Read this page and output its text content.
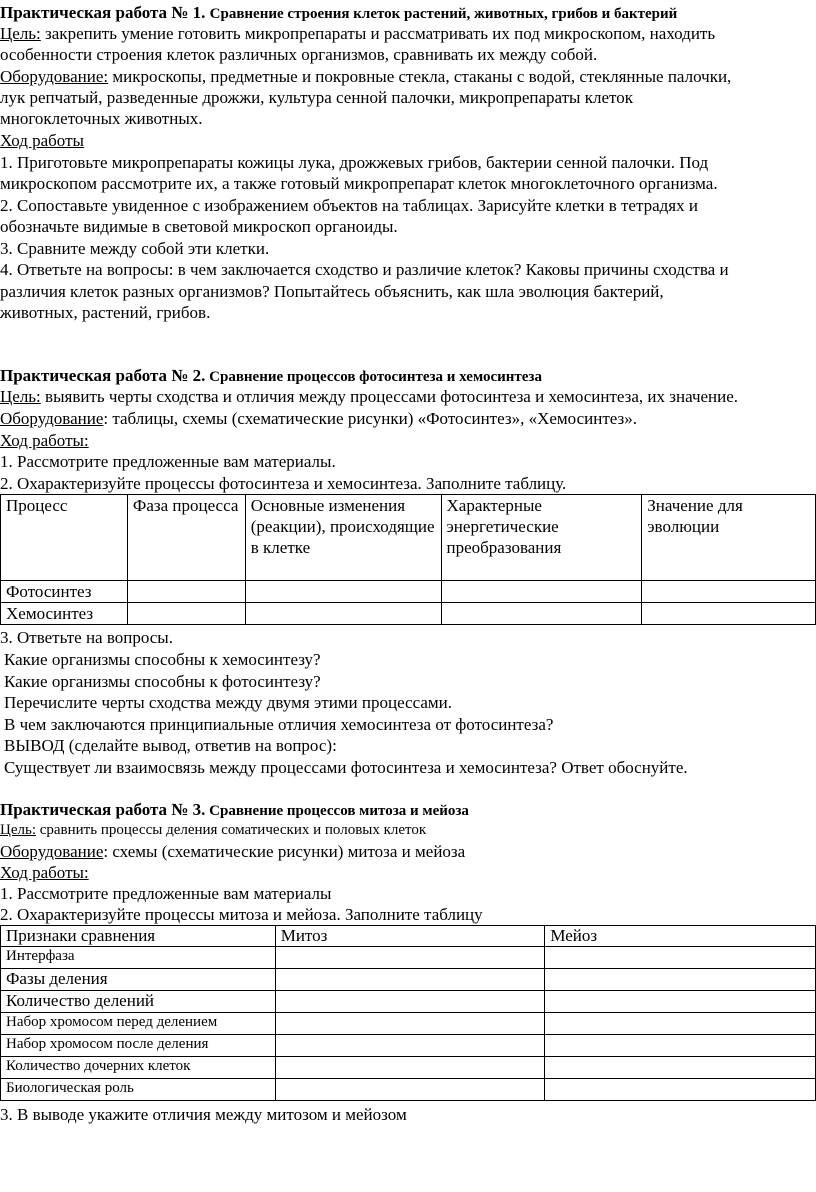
Практическая работа № 1. Сравнение строения клеток растений, животных, грибов и бактерий
Цель: закрепить умение готовить микропрепараты и рассматривать их под микроскопом, находить
особенности строения клеток различных организмов, сравнивать их между собой.
Оборудование: микроскопы, предметные и покровные стекла, стаканы с водой, стеклянные палочки,
лук репчатый, разведенные дрожжи, культура сенной палочки, микропрепараты клеток
многоклеточных животных.
Ход работы
1. Приготовьте микропрепараты кожицы лука, дрожжевых грибов, бактерии сенной палочки. Под
микроскопом рассмотрите их, а также готовый микропрепарат клеток многоклеточного организма.
2. Сопоставьте увиденное с изображением объектов на таблицах. Зарисуйте клетки в тетрадях и
обозначьте видимые в световой микроскоп органоиды.
3. Сравните между собой эти клетки.
4. Ответьте на вопросы: в чем заключается сходство и различие клеток? Каковы причины сходства и
различия клеток разных организмов? Попытайтесь объяснить, как шла эволюция бактерий,
животных, растений, грибов.
Практическая работа № 2. Сравнение процессов фотосинтеза и хемосинтеза
Цель: выявить черты сходства и отличия между процессами фотосинтеза и хемосинтеза, их значение.
Оборудование: таблицы, схемы (схематические рисунки) «Фотосинтез», «Хемосинтез».
Ход работы:
1. Рассмотрите предложенные вам материалы.
2. Охарактеризуйте процессы фотосинтеза и хемосинтеза. Заполните таблицу.
Процесс	Фаза процесса	Основные изменения (реакции), происходящие в клетке	Характерные энергетические преобразования	Значение для эволюции
Фотосинтез				
Хемосинтез				
3. Ответьте на вопросы.
Какие организмы способны к хемосинтезу?
Какие организмы способны к фотосинтезу?
Перечислите черты сходства между двумя этими процессами.
В чем заключаются принципиальные отличия хемосинтеза от фотосинтеза?
ВЫВОД (сделайте вывод, ответив на вопрос):
Существует ли взаимосвязь между процессами фотосинтеза и хемосинтеза? Ответ обоснуйте.
Практическая работа № 3. Сравнение процессов митоза и мейоза
Цель: сравнить процессы деления соматических и половых клеток
Оборудование: схемы (схематические рисунки) митоза и мейоза
Ход работы:
1. Рассмотрите предложенные вам материалы
2. Охарактеризуйте процессы митоза и мейоза. Заполните таблицу
Признаки сравнения	Митоз	Мейоз
Интерфаза		
Фазы деления		
Количество делений		
Набор хромосом перед делением		
Набор хромосом после деления		
Количество дочерних клеток		
Биологическая роль		
3. В выводе укажите отличия между митозом и мейозом
